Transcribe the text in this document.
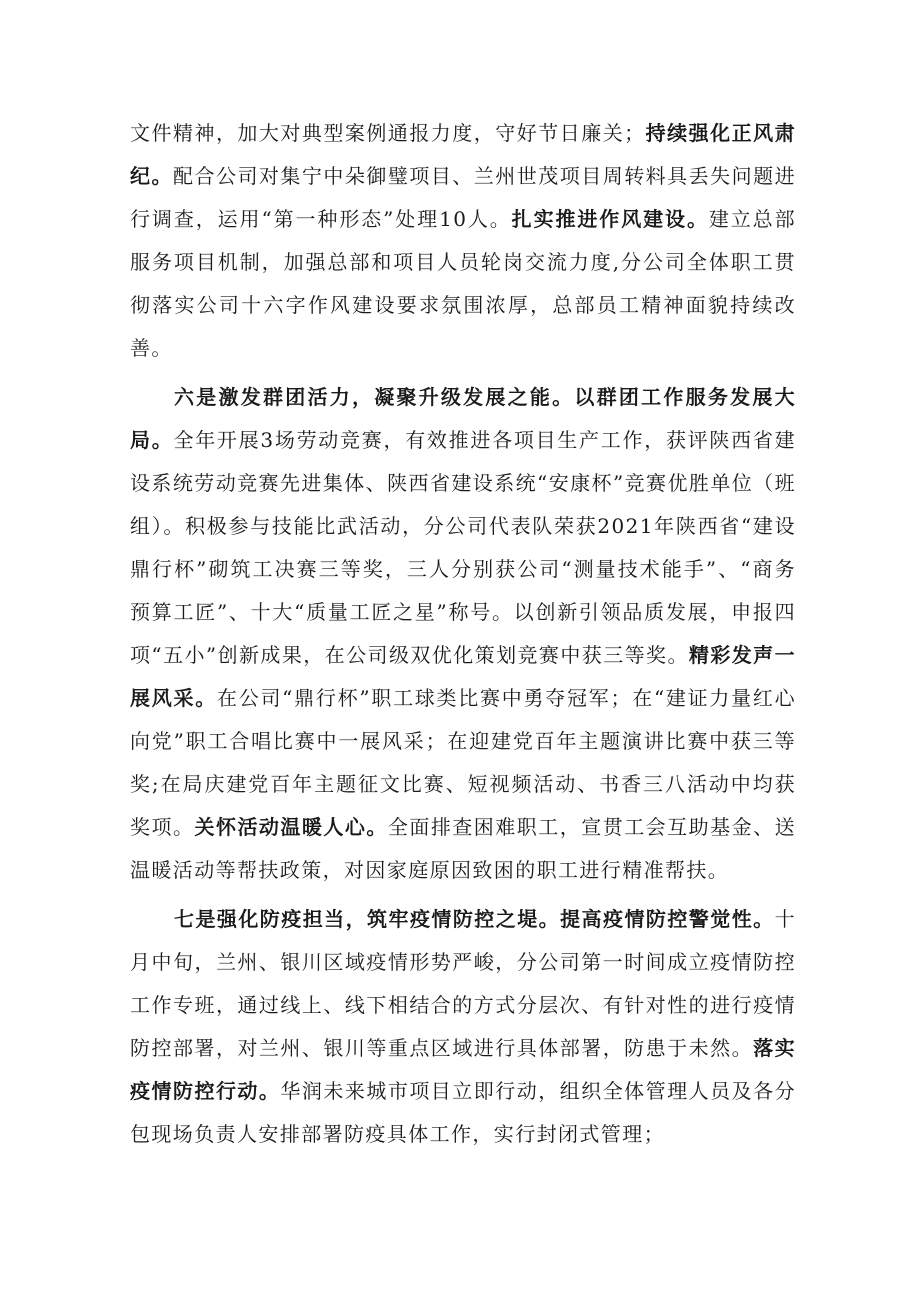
文件精神，加大对典型案例通报力度，守好节日廉关；持续强化正风肃纪。配合公司对集宁中朵御璧项目、兰州世茂项目周转料具丢失问题进行调查，运用“第一种形态”处理10人。扎实推进作风建设。建立总部服务项目机制，加强总部和项目人员轮岗交流力度,分公司全体职工贯彻落实公司十六字作风建设要求氛围浓厚，总部员工精神面貌持续改善。

六是激发群团活力，凝聚升级发展之能。以群团工作服务发展大局。全年开展3场劳动竞赛，有效推进各项目生产工作，获评陕西省建设系统劳动竞赛先进集体、陕西省建设系统“安康杯”竞赛优胜单位（班组）。积极参与技能比武活动，分公司代表队荣获2021年陕西省“建设鼎行杯”砌筑工决赛三等奖，三人分别获公司“测量技术能手”、“商务预算工匠”、十大“质量工匠之星”称号。以创新引领品质发展，申报四项“五小”创新成果，在公司级双优化策划竞赛中获三等奖。精彩发声一展风采。在公司“鼎行杯”职工球类比赛中勇夺冠军；在“建证力量红心向党”职工合唱比赛中一展风采；在迎建党百年主题演讲比赛中获三等奖;在局庆建党百年主题征文比赛、短视频活动、书香三八活动中均获奖项。关怀活动温暖人心。全面排查困难职工，宣贯工会互助基金、送温暖活动等帮扶政策，对因家庭原因致困的职工进行精准帮扶。

七是强化防疫担当，筑牢疫情防控之堤。提高疫情防控警觉性。十月中旬，兰州、银川区域疫情形势严峻，分公司第一时间成立疫情防控工作专班，通过线上、线下相结合的方式分层次、有针对性的进行疫情防控部署，对兰州、银川等重点区域进行具体部署，防患于未然。落实疫情防控行动。华润未来城市项目立即行动，组织全体管理人员及各分包现场负责人安排部署防疫具体工作，实行封闭式管理；
